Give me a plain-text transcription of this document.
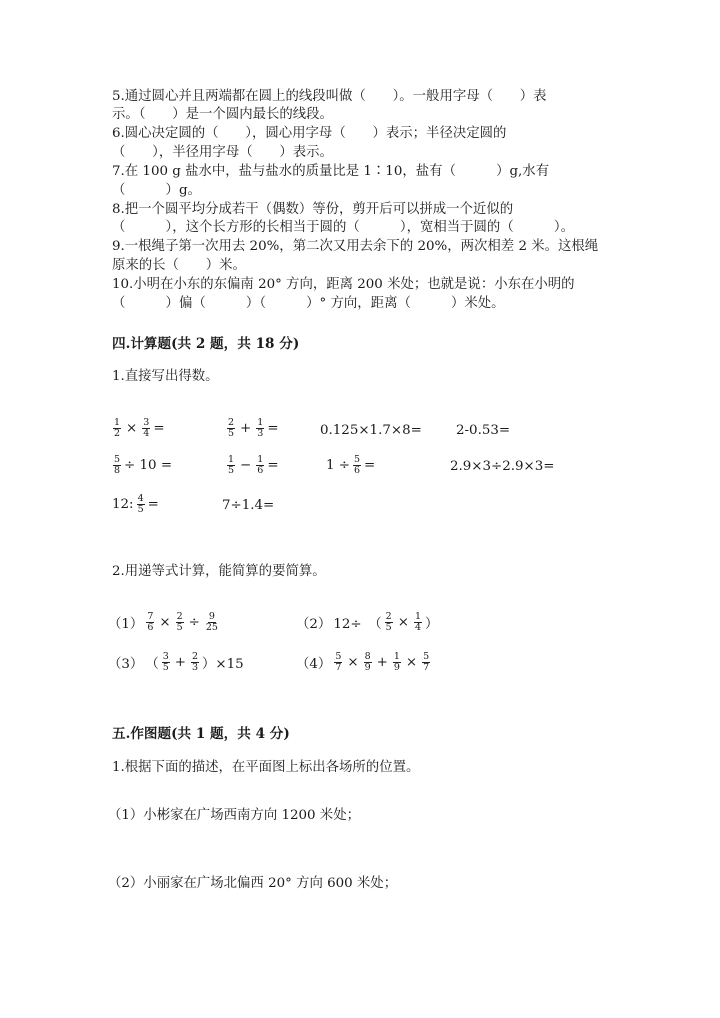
5.通过圆心并且两端都在圆上的线段叫做（　　）。一般用字母（　　）表
示。（　　）是一个圆内最长的线段。
6.圆心决定圆的（　　），圆心用字母（　　）表示；半径决定圆的
（　　），半径用字母（　　）表示。
7.在 100 g 盐水中，盐与盐水的质量比是 1∶10，盐有（　　　）g,水有
（　　　）g。
8.把一个圆平均分成若干（偶数）等份，剪开后可以拼成一个近似的
（　　　），这个长方形的长相当于圆的（　　　），宽相当于圆的（　　　）。
9.一根绳子第一次用去 20%，第二次又用去余下的 20%，两次相差 2 米。这根绳
原来的长（　　）米。
10.小明在小东的东偏南 20° 方向，距离 200 米处；也就是说：小东在小明的
（　　　）偏（　　　）（　　　）° 方向，距离（　　　）米处。
四.计算题(共 2 题，共 18 分)
1.直接写出得数。
$\frac{1}{2} \times \frac{3}{4}$ =	$\frac{2}{5} + \frac{1}{3}$ =	0.125×1.7×8=	2-0.53=
$\frac{5}{8} \div 10$ =	$\frac{1}{5} - \frac{1}{6}$ =	$1 \div \frac{5}{6}$ =	2.9×3÷2.9×3=
12: $\frac{4}{5}$ =	7÷1.4=
2.用递等式计算，能简算的要简算。
$(1) \frac{7}{6} \times \frac{2}{5} \div \frac{9}{25}$	（2） 12÷　（ $\frac{2}{5} \times \frac{1}{4}$ ）
（3） （ $\frac{3}{5} + \frac{2}{3} )\times 15$	$(4) \frac{5}{7} \times \frac{8}{9} + \frac{1}{9} \times \frac{5}{7}$
五.作图题(共 1 题，共 4 分)
1.根据下面的描述，在平面图上标出各场所的位置。
（1）小彬家在广场西南方向 1200 米处；
（2）小丽家在广场北偏西 20° 方向 600 米处；
